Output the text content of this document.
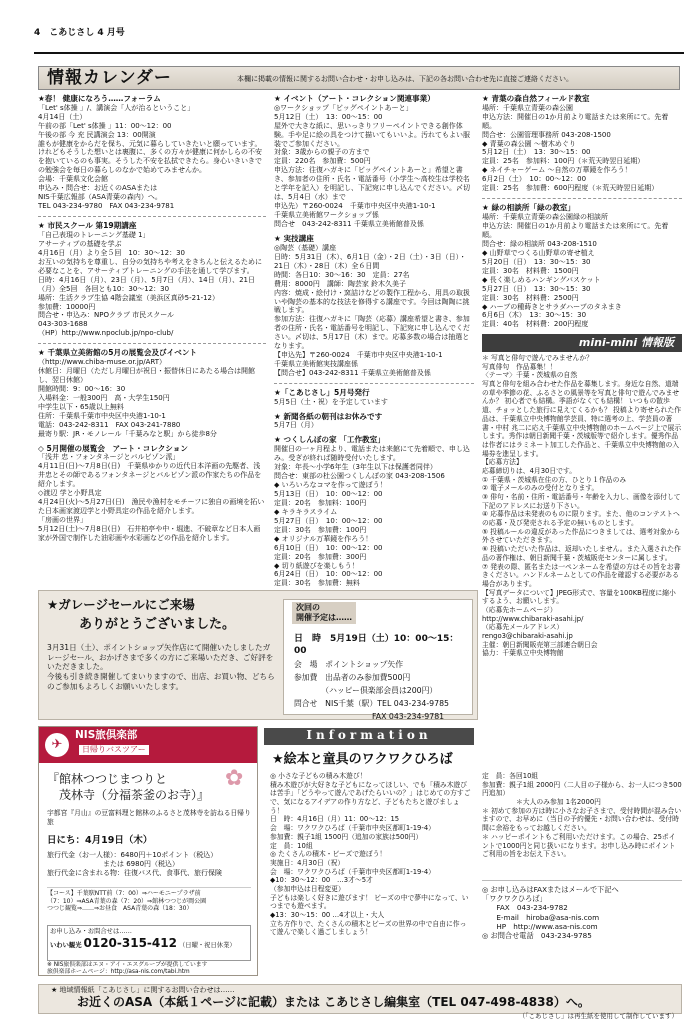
4　こあじさし 4 月号
情報カレンダー	本欄に掲載の情報に関するお問い合わせ・お申し込みは、下記の各お問い合わせ先に直接ご連絡ください。
★春！ 健康になろう……フォーラム
「Let' s体操 」/、講演会「人が治るということ」
4月14日（土）
午前の部「Let' s体操 」11：00～12：00
午後の部 今 充 民講演会 13：00開演
誰もが健康をからだを保ち、元気に暮らしていきたいと願っています。けれどもそうした想いとは裏腹に、多くの方々が健康に何かしらの不安を抱いているのも事実。そうした不安を払拭できたら。身心いきいきでの勉強会を毎日の暮らしのなかで始めてみませんか。
会場：千葉県文化会館
申込み・問合せ：お近くのASAまたは
NIS千葉広報部（ASA青葉の森内）へ。
TEL 043-234-9780　FAX 043-234-9781
★ 市民スクール 第19期講座
「自己表現のトレーニング基礎 1」
アサーティブの基礎を学ぶ
4月16日（月）より全５回　10：30～12：30
お互いの気持ちを尊重し、自分の気持ちや考えをきちんと伝えるために必要なことを、アサーティブトレーニングの手法を通して学びます。
日時：4月16日（月）、23日（月）、5月7日（月）、14日（月）、21日（月）全5回　各回とも10：30～12：30
場所：生活クラブ生協 4階会議室（美浜区真砂5-21-12）
参加費：10000円
問合せ・申込み：NPOクラブ 市民スクール
043-303-1688
（HP）http://www.npoclub.jp/npo-club/
★ 千葉県立美術館の5月の展覧会及びイベント
（http://www.chiba-muse.or.jp/ART）
休館日：月曜日（ただし月曜日が祝日・振替休日にあたる場合は開館し、翌日休館）
開館時間：9：00～16：30
入場料金：一般300円　高・大学生150円
中学生以下・65歳以上無料
住所：千葉県千葉市中央区中央港1-10-1
電話：043-242-8311　FAX 043-241-7880
最寄り駅：JR・モノレール「千葉みなと駅」から徒歩8分
◇ 5月開催の展覧会　アート・コレクション
「浅井 忠・フォンタネージとバルビゾン派」
4月11日(日)～7月8日(日)　千葉県ゆかりの近代日本洋画の先駆者、浅井忠とその師であるフォンタネージとバルビゾン派の作家たちの作品を紹介します。
◇渡辺 学と小野具定
4月24日(火)～5月27日(日)　漁民や漁村をモチーフに独自の画境を拓いた日本画家渡辺学と小野具定の作品を紹介します。
「房画の世界」
5月12日(土)～7月8日(日)　石井柏亭や中・堀進、不破章など日本人画家が外国で制作した油彩画や水彩画などの作品を紹介します。
★ イベント（アート・コレクション関連事業）
◎ワークショップ「ビッグペイントあーと」
5月12日（土）　13：00～15：00
屋外で大きな紙に、思いっきりフリーペイントできる創作体験。手や足に絵の具をつけて描いてもいいよ。汚れてもよい服装でご参加ください。
対象：3歳からの親子の方まで
定員：220名　参加費：500円
申込方法：往復ハガキに「ビッグペイントあーと」希望と書き、参加者の住所・氏名・電話番号（小学生～高校生は学校名と学年を記入）を明記し、下記宛に申し込んでください。〆切は、5月4日（水）まで
申込先）〒260-0024　千葉市中央区中央港1-10-1
千葉県立美術館ワークショップ係
問合せ　043-242-8311 千葉県立美術館普及係
★ 実技講座
◎陶芸（基礎）講座
日時：5月31日（木）、6月1日（金）・2日（土）・3日（日）・21日（木）・28日（木）全６日間
時間：各日10：30～16：30　定員：27名
費用：8000円　講師：陶芸家 鈴木久美子
内容：焼成・絵付け・窯詰けなどの製作工程から、用具の取扱いや陶芸の基本的な技法を修得する講座です。今回は陶陶に挑戦します。
参加方法：往復ハガキに「陶芸（応募）講座希望と書き、参加者の住所・氏名・電話番号を明記し、下記宛に申し込んでください。〆切は、5月17日（木）まで。応募多数の場合は抽選となります。
【申込先】〒260-0024　千葉市中央区中央港1-10-1
千葉県立美術館実技講座係
【問合せ】043-242-8311 千葉県立美術館普及係
★「こあじさし」5月号発行
5月5日（土・祝）を予定しています
★ 新聞各紙の朝刊はお休みです
5月7日（月）
★ つくしんぼの家 「工作教室」
開催日の一ヶ月程より、電話または来館にて先着順で、申し込み。受ぎが終れば随時受付いたします。
対象：年長～小学6年生（3年生以下は保護者同伴）
問合せ：東部の杜公園つくしんぼの家 043-208-1506
◆ いろいろなコマを作って遊ぼう！
5月13日（日）　10：00～12：00
定員：20名　参加料：100円
◆ キラキラスライム
5月27日（日）　10：00～12：00
定員：30名　参加費：100円
◆ オリジナル万華鏡を作ろう！
6月10日（日）　10：00～12：00
定員：20名　参加費：300円
◆ 切り紙遊びを楽しもう！
6月24日（日）　10：00～12：00
定員：30名　参加費：無料
★ 青葉の森自然フィールド教室
場所：千葉県立青葉の森公園
申込方法：開催日の1か月前より電話または来所にて。先着順。
問合せ：公園管理事務所 043-208-1500
◆ 青葉の森公園 ～樹木めぐり
5月12日（土）　13：30～15：00
定員：25名　参加料：100円（＊荒天時翌日延期）
◆ ネイチャーゲーム ～自然の万華鏡を作ろう！
6月2日（土）　10：00～12：00
定員：25名　参加費：600円程度（＊荒天時翌日延期）
★ 緑の相談所「緑の教室」
場所：千葉県立青葉の森公園緑の相談所
申込方法：開催日の1か月前より電話または来所にて。先着順。
問合せ：緑の相談所 043-208-1510
◆ 山野草でつくる山野草の寄せ植え
5月20日（日）　13：30～15：30
定員：30名　材料費：1500円
◆ 長く楽しめるハンギングバスケット
5月27日（日）　13：30～15：30
定員：30名　材料費：2500円
◆ ハーブの種蒔きとサラダハーブのタネまき
6月6日（木）　13：30～15：30
定員：40名　材料費：200円程度
mini-mini 情報版
＊ 写真と俳句で遊んでみませんか？
写真俳句　作品募集！！
〈テーマ〉千葉・茨城県の自然
写真と俳句を組み合わせた作品を募集します。身近な自然、道端の草や季節の花、ふるさとの風景等を写真と俳句で遊んでみませんか？ 初心者でも結構。季語がなくても結構！ いつもの散歩道、チョッとした旅行に見えてくるかも？ 投稿より寄せられた作品は、千葉県立中央博物館学芸員、特に選考の上、学芸員の著書・中村 兆二に応え千葉県立中央博物館のホームページ上で展示します。秀作は朝日新聞千葉・茨城版等で紹介します。優秀作品は作者にはラミネート加工した作品と、千葉県立中央博物館の入場券を進呈します。
【応募方法】
応募締切りは、4月30日です。
① 千葉県・茨城県在住の方、ひとり１作品のみ
② 電子メールのみの受付となります。
③ 俳句・名前・住所・電話番号・年齢を入力し、画像を添付して下記のアドレスにお送り下さい。
④ 応募作品は未発表のものに限ります。また、他のコンテストへの応募・及び発売される予定の無いものとします。
⑤ 投稿ルールの違反があった作品につきましては、選考対象から外させていただきます。
⑥ 投稿いただいた作品は、返却いたしません。また入選された作品の著作権は、朝日新聞千葉・茨城販売センターに属します。
⑦ 発表の際、匿名または一ペンネームを希望の方はその旨をお書きください。ハンドルネームとしての作品を確認する必要がある場合があります。
【写真データについて】JPEG形式で、容量を100KB程度に縮小するよう、お願いします。
（応募先ホームページ）
http://www.chibaraki-asahi.jp/
（応募先メールアドレス）
rengo3@chibaraki-asahi.jp
主催：朝日新聞販売第三部連合朝日会
協力：千葉県立中央博物館
★ガレージセールにご来場
ありがとうございました。
3月31日（土）、ポイントショップ矢作店にて開催いたしましたガレージセール、おかげさまで多くの方にご来場いただき、ご好評をいただきました。
今後も引き続き開催してまいりますので、出店、お買い物、どちらのご参加もよろしくお願いいたします。
次回の
開催予定は……
日　時　5月19日（土）10：00～15：00
会　場　ポイントショップ矢作
参加費　出品者のみ参加費500円
　　　　（ハッピー倶楽部会員は200円）
問合せ　NIS千葉（駅）TEL 043-234-9785
　　　　　　　　　　FAX 043-234-9781
✈
NIS旅倶楽部
日帰りバスツアー
✿
『館林つつじまつりと
　茂林寺（分福茶釜のお寺）』
宇都宮『月山』の豆富料理と館林のふるさと茂林寺を訪ねる日帰り旅
日にち：4月19日（木）
旅行代金（お一人様）：6480円＋10ポイント（税込）
　　　　　　　　または 6980円（税込）
旅行代金に含まれる物：往復バス代、食事代、旅行保険
【コース】千葉駅NTT前（7：00）⇒ハーモニープラザ前
（7：10）⇒ASA青葉の森（7：20）⇒館林つつじが岡公園
つつじ観覧⇒……⇒お昼食　ASA青葉の森（18：30）
お申し込み・お問合せは……
いわい観光 0120-315-412 （日曜・祝日休業）
※ NIS旅倶楽部はエヌ・アイ・エスグループが提供しています
旅倶楽部ホームページ：http://asa-nis.com/tabi.htm
Information
★絵本と童具のワクワクひろば
◎ 小さな子どもの積み木遊び！
積み木遊びが大好きな子どもになってほしい、でも「積み木遊びは苦手」「どうやって遊んであげたらいいの？」はじめての方すごで、気になるアイデアの作り方など、子どもたちと遊びましょう！
日　時：4月16日（月）11：00～12：15
会　場：ワクワクひろば（千葉市中央区都町1-19-4）
参加費：親子1組 1500円（追加の家族は500円）
定　員：10組
◎ たくさんの積木・ビーズで遊ぼう！
実施日：4月30日（祝）
会　場：ワクワクひろば（千葉市中央区都町1-19-4）
◆10：30～12：00　…3才～5才
（参加申込は日程変更）
子どもは楽しく好きに遊びます！ ビーズの中で夢中になって、いつまでも遊べます。
◆13：30～15：00 …4才以上・大人
立ち方作りで、たくさんの積木とビーズの世界の中で自由に作って遊んで楽しく過ごしましょう！
定　員：各回10組
参加費：親子1組 2000円（二人目の子様から、お一人につき500円追加）
　　　　　＊大人のみ参加 1名2000円
＊ 初めて参加の方は時に小さなお子さまで、受付時間が混み合いますので、お早めに（当日の予約優先・お問い合わせは、受付時間に余裕をもってお越しください。
＊ ハッピーポイントもご利用いただけます。この場合、25ポイントで1000円と同じ扱いになります。お申し込み時にポイントご利用の旨をお伝え下さい。
◎ お申し込みはFAXまたはメールで下記へ
「ワクワクひろば」
　　FAX　043-234-9782
　　E-mail　hiroba@asa-nis.com
　　HP　http://www.asa-nis.com
◎ お問合せ電話　043-234-9785
★ 地域情報紙「こあじさし」に関するお問い合わせは……
お近くのASA（本紙１ページに記載）または こあじさし編集室（TEL 047-498-4838）へ。
（「こあじさし」は再生紙を使用して制作しています）
